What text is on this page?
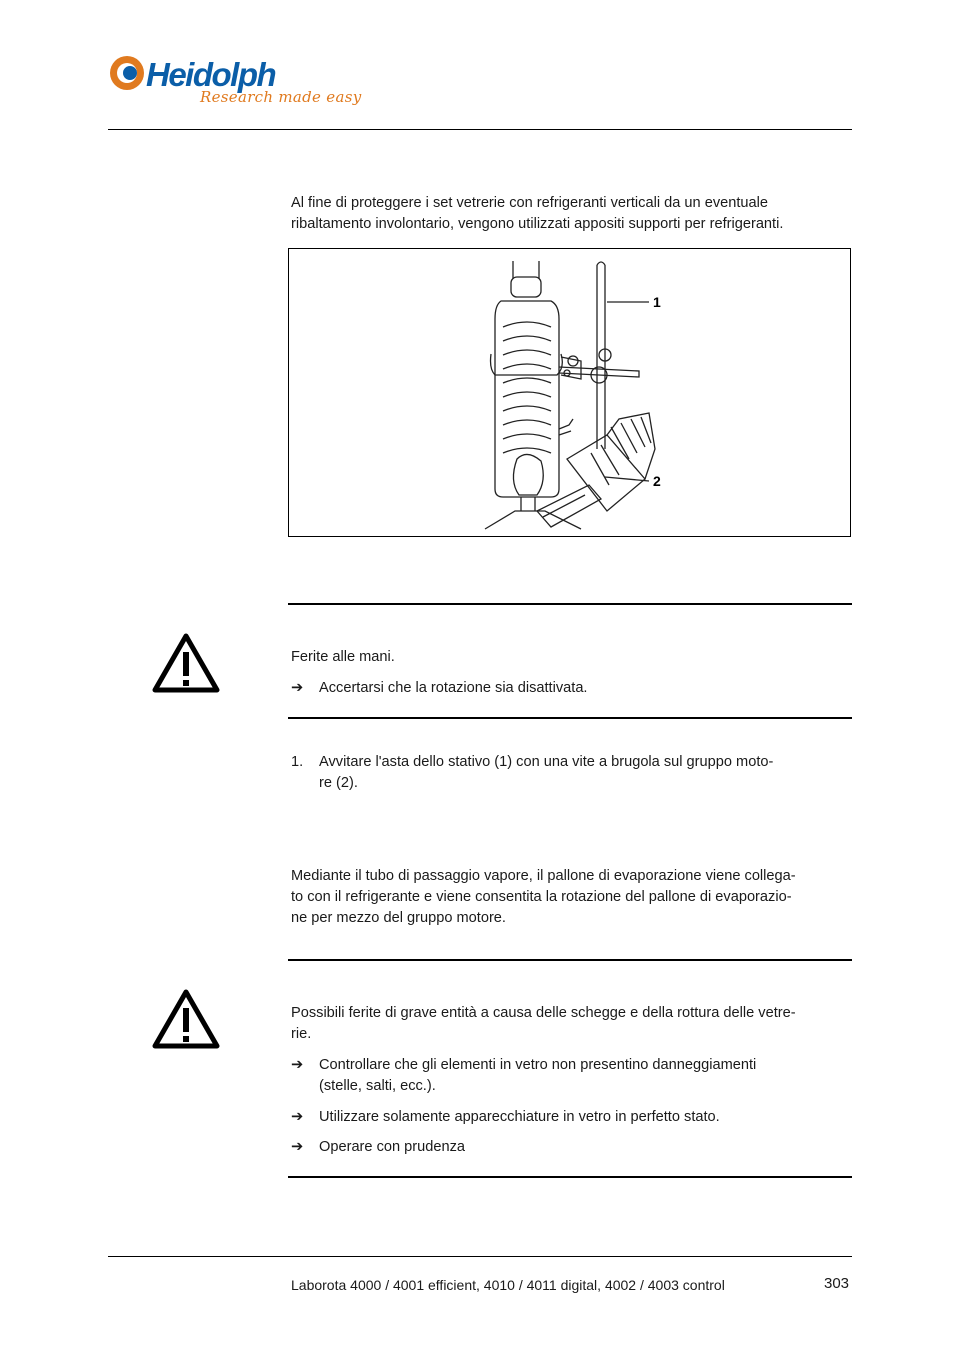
Heidolph
Research made easy
Al fine di proteggere i set vetrerie con refrigeranti verticali da un eventuale
ribaltamento involontario, vengono utilizzati appositi supporti per refrigeranti.
1
2
Ferite alle mani.
➔	Accertarsi che la rotazione sia disattivata.
1.	Avvitare l'asta dello stativo (1) con una vite a brugola sul gruppo moto-
re (2).
Mediante il tubo di passaggio vapore, il pallone di evaporazione viene collega-
to con il refrigerante e viene consentita la rotazione del pallone di evaporazio-
ne per mezzo del gruppo motore.
Possibili ferite di grave entità a causa delle schegge e della rottura delle vetre-
rie.
➔	Controllare che gli elementi in vetro non presentino danneggiamenti
(stelle, salti, ecc.).
➔	Utilizzare solamente apparecchiature in vetro in perfetto stato.
➔	Operare con prudenza
Laborota 4000 / 4001 efficient, 4010 / 4011 digital, 4002 / 4003 control	303
